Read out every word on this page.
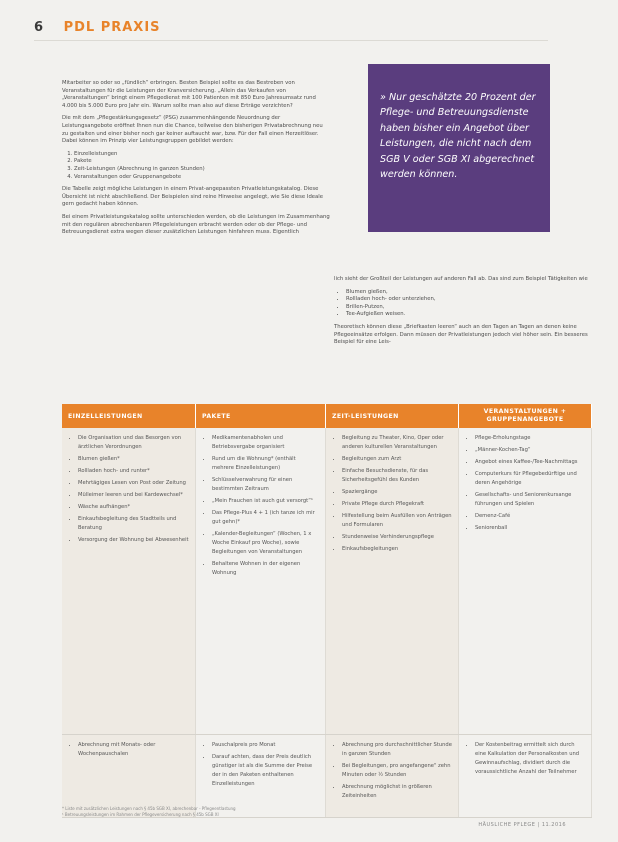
6 PDL PRAXIS

Mitarbeiter so oder so „fündlich“ erbringen. Besten Beispiel sollte es das Bestreben von Veranstaltungen für die Leistungen der Kranversicherung. „Allein das Verkaufen von „Veranstaltungen“ bringt einem Pflegedienst mit 100 Patienten mit 850 Euro Jahresumsatz rund 4.000 bis 5.000 Euro pro Jahr ein. Warum sollte man also auf diese Erträge verzichten?

Die mit dem „Pflegestärkungsgesetz“ (PSG) zusammenhängende Neuordnung der Leistungsangebote eröffnet Ihnen nun die Chance, teilweise den bisherigen Privatabrechnung neu zu gestalten und einer bisher noch gar keiner auftaucht war, bzw. Für der Fall einen Herzeitlöser. Dabei können im Prinzip vier Leistungsgruppen gebildet werden:

1. Einzelleistungen
2. Pakete
3. Zeit-Leistungen (Abrechnung in ganzen Stunden)
4. Veranstaltungen oder Gruppenangebote

Die Tabelle zeigt mögliche Leistungen in einem Privat-angepassten Privatleistungskatalog. Diese Übersicht ist nicht abschließend. Der Beispielen sind reine Hinweise angelegt, wie Sie diese Ideale gern gedacht haben können.

Bei einem Privatleistungskatalog sollte unterschieden werden, ob die Leistungen im Zusammenhang mit den regulären abrechenbaren Pflegeleistungen erbracht werden oder ob der Pflege- und Betreuungsdienst extra wegen dieser zusätzlichen Leistungen hinfahren muss. Eigentlich

» Nur geschätzte 20 Prozent der Pflege- und Betreuungsdienste haben bisher ein Angebot über Leistungen, die nicht nach dem SGB V oder SGB XI abgerechnet werden können.

lich sieht der Großteil der Leistungen auf anderen Fall ab. Das sind zum Beispiel Tätigkeiten wie

• Blumen gießen,
• Rollladen hoch- oder unterziehen,
• Brillen-Putzen,
• Tee-Aufgießen weisen.

Theoretisch können diese „Briefkasten leeren“ auch an den Tagen an Tagen an denen keine Pflegeeinsätze erfolgen. Dann müssen der Privatleistungen jedoch viel höher sein. Ein besseres Beispiel für eine Leis-

EINZELLEISTUNGEN	PAKETE	ZEIT-LEISTUNGEN
VERANSTALTUNGEN + GRUPPENANGEBOTE
• Die Organisation und das Besorgen von ärztlichen Verordnungen
• Blumen gießen*
• Rollladen hoch- und runter*
• Mehrtägiges Lesen von Post oder Zeitung
• Mülleimer leeren und bei Kardewechsel*
• Wäsche aufhängen*
• Einkaufsbegleitung des Stadtteils und Beratung
• Versorgung der Wohnung bei Abwesenheit
• Medikamentenabholen und Betriebsvergabe organisiert
• Rund um die Wohnung* (enthält mehrere Einzelleistungen)
• Schlüsselverwahrung für einen bestimmten Zeitraum
• „Mein Frauchen ist auch gut versorgt“¹
• Das Pflege-Plus 4 + 1 (ich tanze ich mir gut gehn)*
• „Kalender-Begleitungen“ (Wochen, 1 x Woche Einkauf pro Woche), sowie Begleitungen von Veranstaltungen
• Behaltene Wohnen in der eigenen Wohnung
• Begleitung zu Theater, Kino, Oper oder anderen kulturellen Veranstaltungen
• Begleitungen zum Arzt
• Einfache Besuchsdienste, für das Sicherheitsgefühl des Kunden
• Spaziergänge
• Private Pflege durch Pflegekraft
• Hilfestellung beim Ausfüllen von Anträgen und Formularen
• Stundenweise Verhinderungspflege
• Einkaufsbegleitungen
• Pflege-Erholungstage
• „Männer-Kochen-Tag“
• Angebot eines Kaffee-/Tee-Nachmittags
• Computerkurs für Pflegebedürftige und deren Angehörige
• Gesellschafts- und Seniorenkursange führungen und Spielen
• Demenz-Café
• Seniorenball
• Abrechnung mit Monats- oder Wochenpauschalen
• Pauschalpreis pro Monat
• Darauf achten, dass der Preis deutlich günstiger ist als die Summe der Preise der in den Paketen enthaltenen Einzelleistungen
• Abrechnung pro durchschnittlicher Stunde in ganzen Stunden
• Bei Begleitungen, pro angefangene" zehn Minuten oder ½ Stunden
• Abrechnung möglichst in größeren Zeiteinheiten
• Der Kostenbeitrag ermittelt sich durch eine Kalkulation der Personalkosten und Gewinnaufschlag, dividiert durch die voraussichtliche Anzahl der Teilnehmer
* Liste mit zusätzlichen Leistungen nach § 45b SGB XI, abrechenbar - Pflegeentlastung
¹ Betreuungsleistungen im Rahmen der Pflegeversicherung nach § 45b SGB XI
HÄUSLICHE PFLEGE | 11.2016
